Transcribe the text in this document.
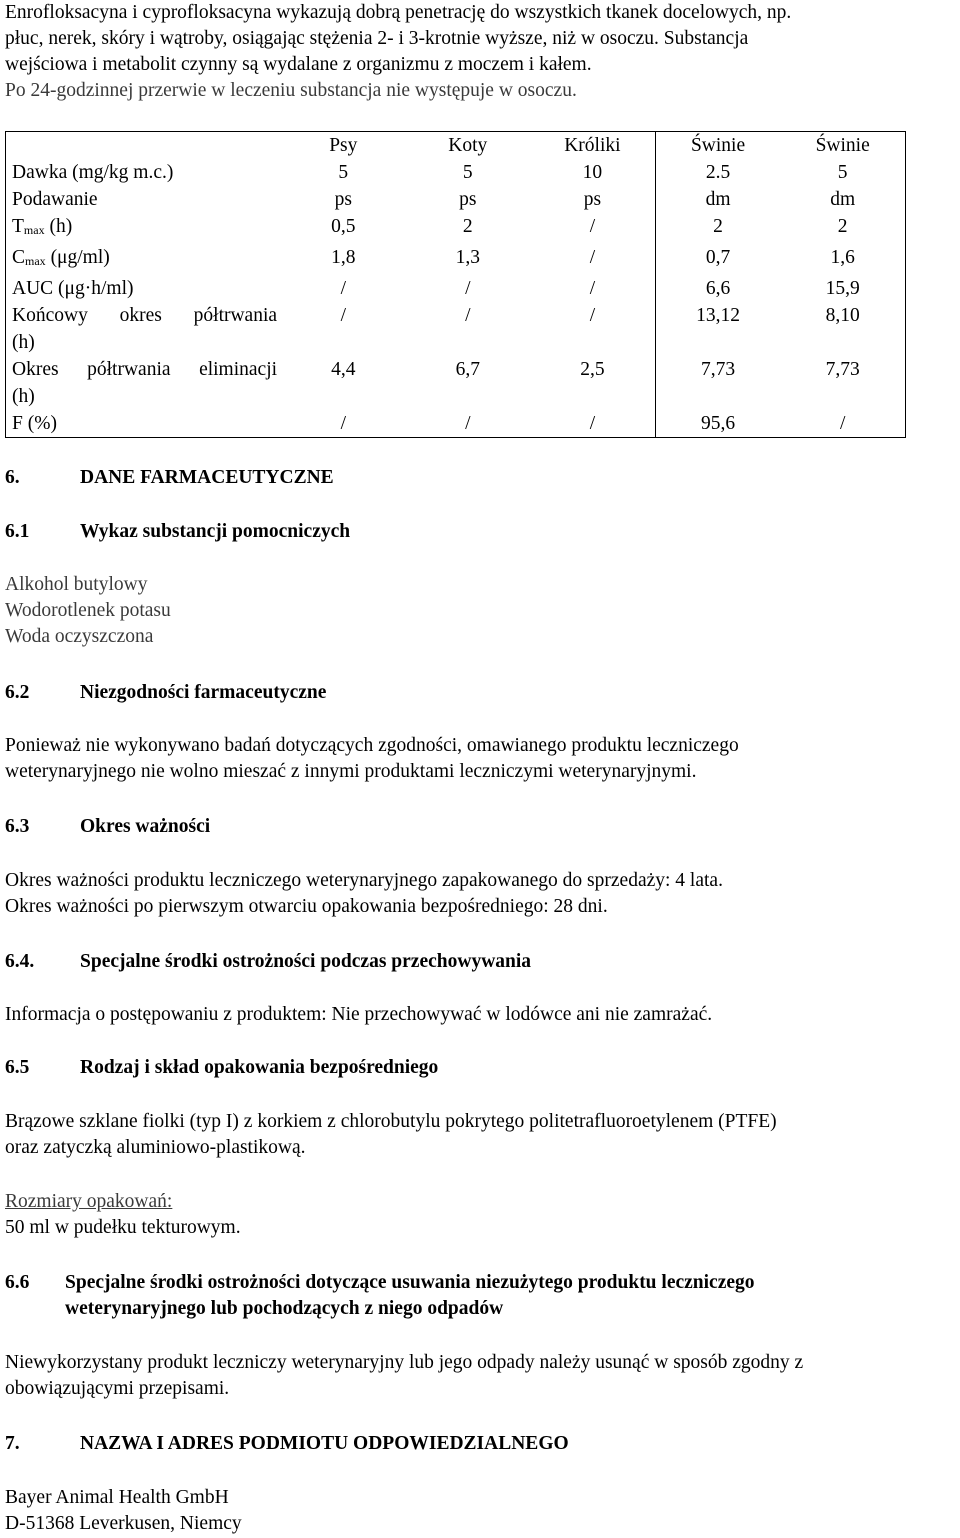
Enrofloksacyna i cyprofloksacyna wykazują dobrą penetrację do wszystkich tkanek docelowych, np.

płuc, nerek, skóry i wątroby, osiągając stężenia 2- i 3-krotnie wyższe, niż w osoczu. Substancja

wejściowa i metabolit czynny są wydalane z organizmu z moczem i kałem.

Po 24-godzinnej przerwie w leczeniu substancja nie występuje w osoczu.

	Psy	Koty	Króliki	Świnie	Świnie
Dawka (mg/kg m.c.)	5	5	10	2.5	5
Podawanie	ps	ps	ps	dm	dm
$T_{max}$ (h)	0,5	2	/	2	2
$C_{max}$ (μg/ml)	1,8	1,3	/	0,7	1,6
AUC (μg·h/ml)	/	/	/	6,6	15,9

Końcowy okres półtrwania
(h)	/	/	/	13,12	8,10

Okres półtrwania eliminacji
(h)	4,4	6,7	2,5	7,73	7,73
F (%)	/	/	/	95,6	/
6.	DANE FARMACEUTYCZNE
6.1	Wykaz substancji pomocniczych

Alkohol butylowy

Wodorotlenek potasu

Woda oczyszczona

6.2	Niezgodności farmaceutyczne

Ponieważ nie wykonywano badań dotyczących zgodności, omawianego produktu leczniczego

weterynaryjnego nie wolno mieszać z innymi produktami leczniczymi weterynaryjnymi.

6.3	Okres ważności

Okres ważności produktu leczniczego weterynaryjnego zapakowanego do sprzedaży: 4 lata.

Okres ważności po pierwszym otwarciu opakowania bezpośredniego: 28 dni.

6.4. Specjalne środki ostrożności podczas przechowywania

Informacja o postępowaniu z produktem: Nie przechowywać w lodówce ani nie zamrażać.

6.5	Rodzaj i skład opakowania bezpośredniego

Brązowe szklane fiolki (typ I) z korkiem z chlorobutylu pokrytego politetrafluoroetylenem (PTFE)

oraz zatyczką aluminiowo-plastikową.

Rozmiary opakowań:

50 ml w pudełku tekturowym.

6.6 Specjalne środki ostrożności dotyczące usuwania niezużytego produktu leczniczego
weterynaryjnego lub pochodzących z niego odpadów

Niewykorzystany produkt leczniczy weterynaryjny lub jego odpady należy usunąć w sposób zgodny z

obowiązującymi przepisami.

7.	NAZWA I ADRES PODMIOTU ODPOWIEDZIALNEGO

Bayer Animal Health GmbH

D-51368 Leverkusen, Niemcy
